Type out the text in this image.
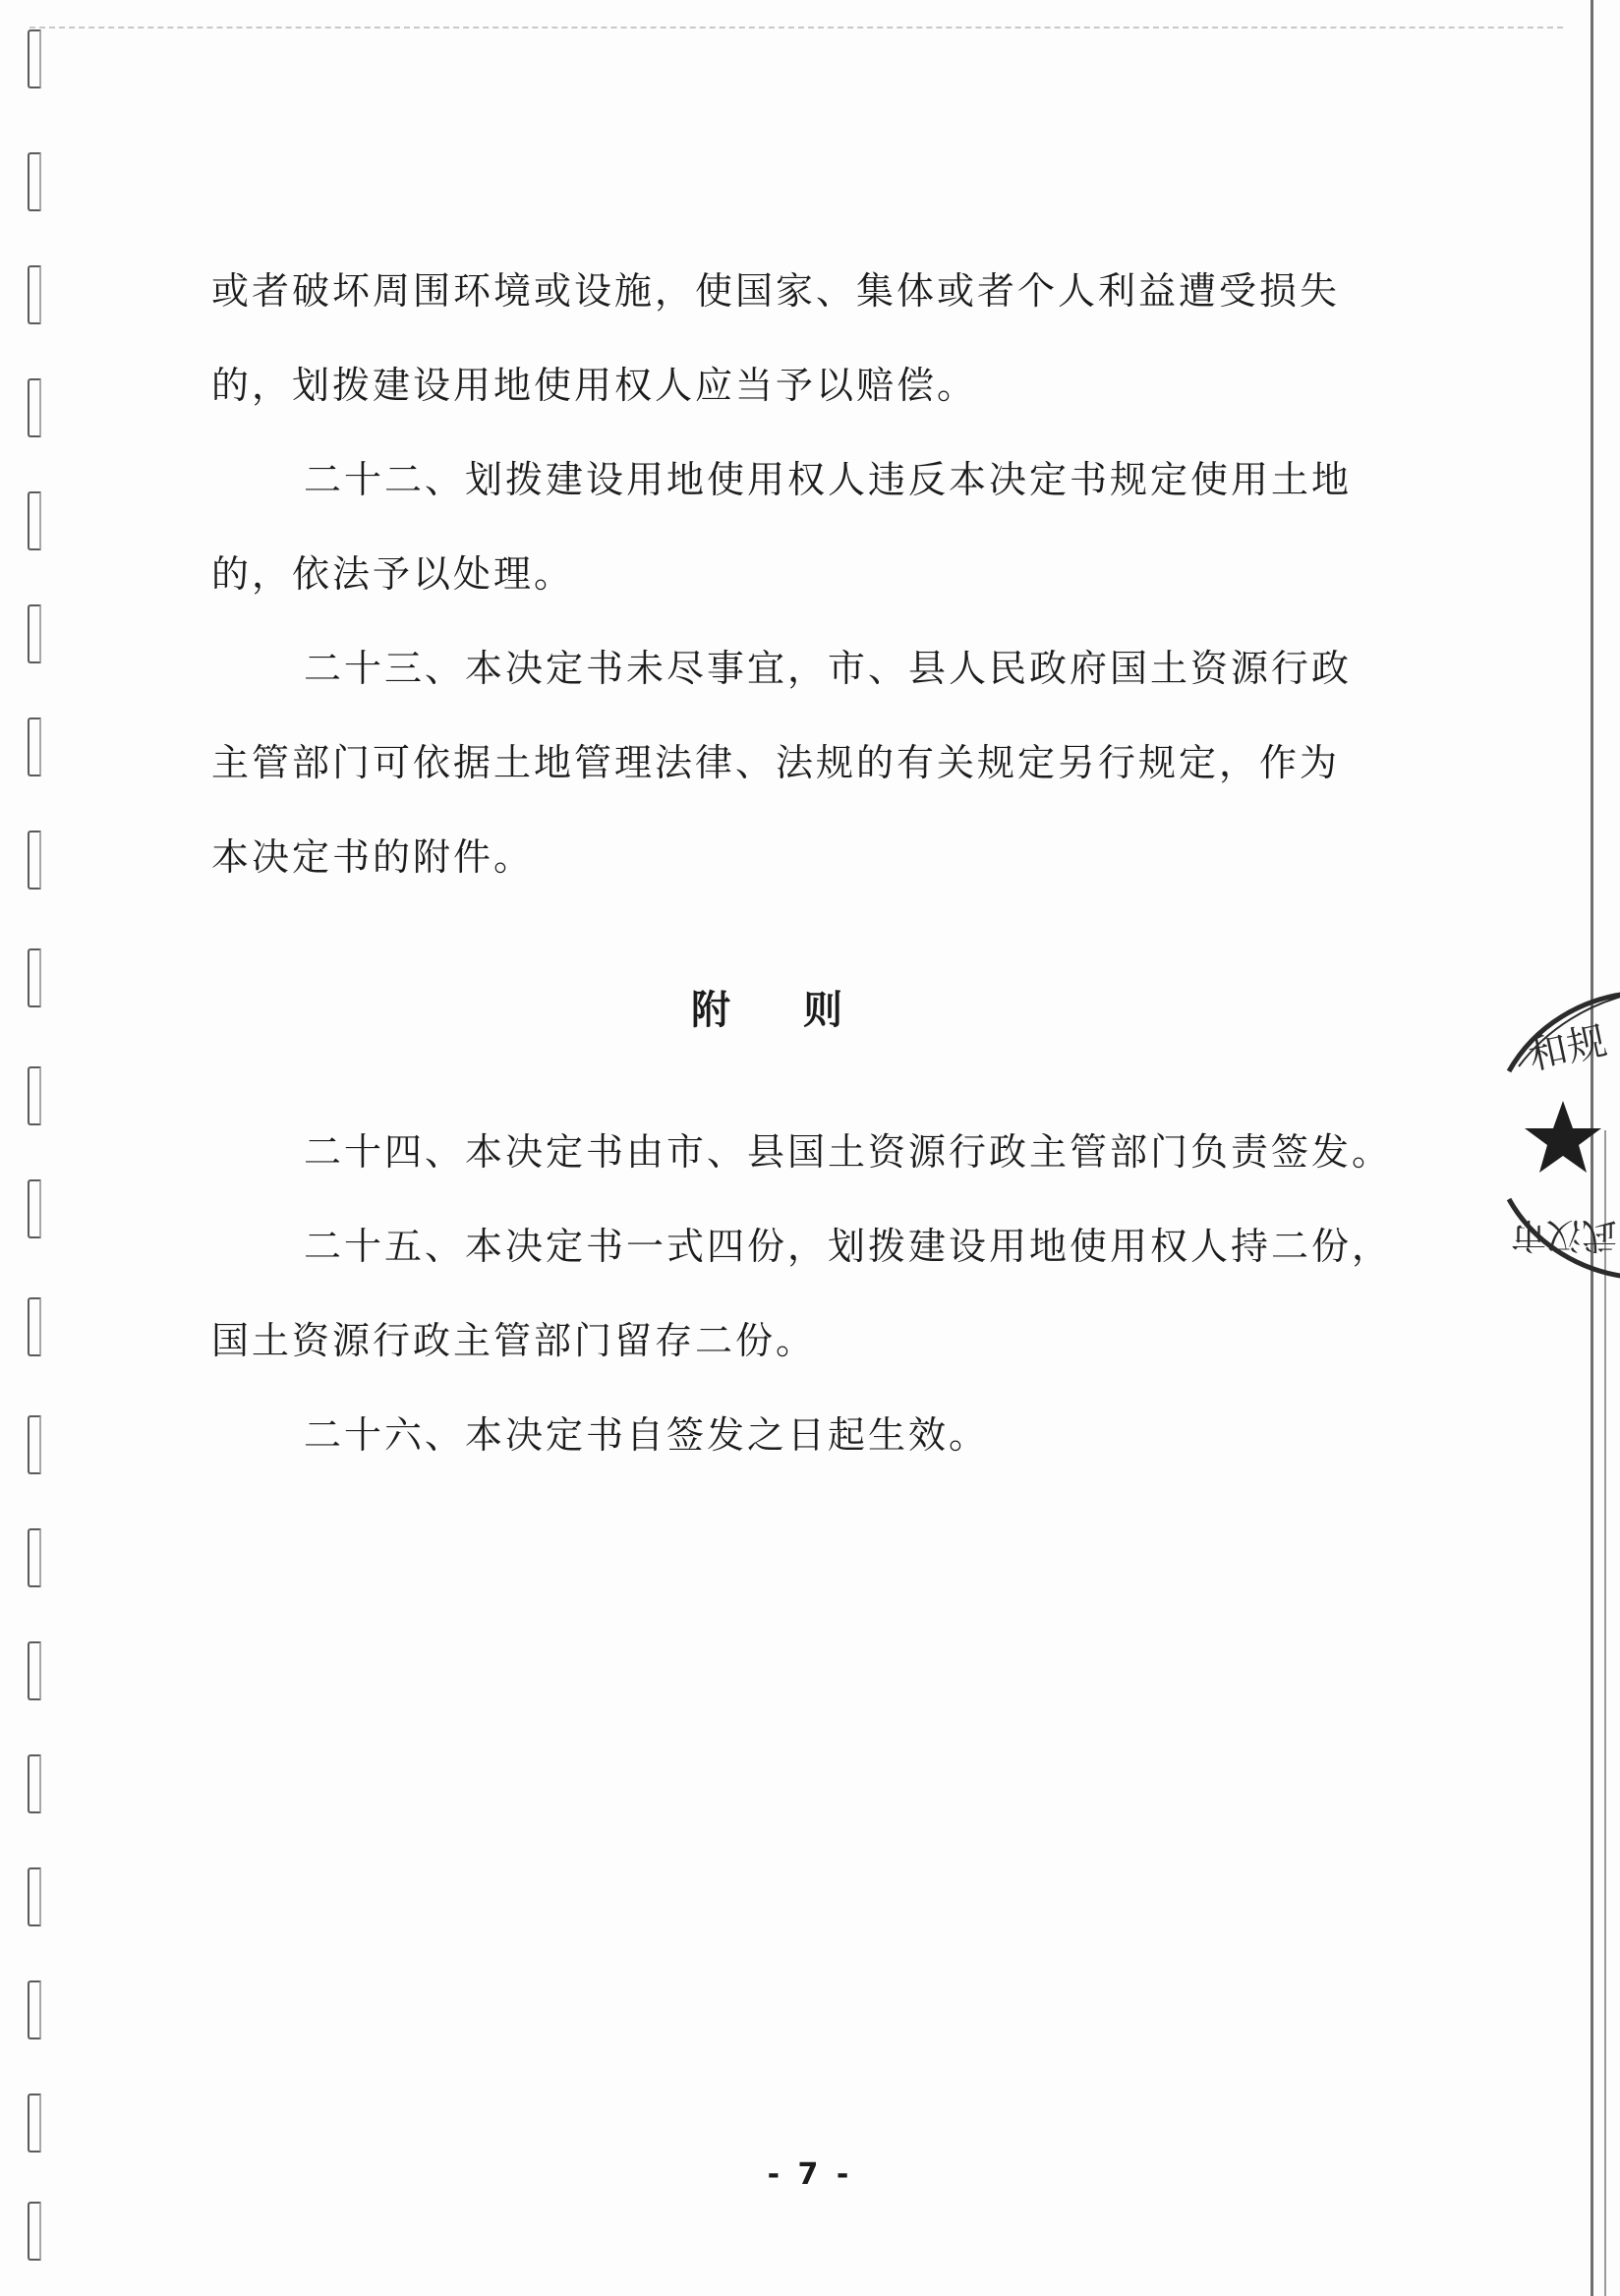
或者破坏周围环境或设施，使国家、集体或者个人利益遭受损失
的，划拨建设用地使用权人应当予以赔偿。
二十二、划拨建设用地使用权人违反本决定书规定使用土地
的，依法予以处理。
二十三、本决定书未尽事宜，市、县人民政府国土资源行政
主管部门可依据土地管理法律、法规的有关规定另行规定，作为
本决定书的附件。
附 则
二十四、本决定书由市、县国土资源行政主管部门负责签发。
二十五、本决定书一式四份，划拨建设用地使用权人持二份，
国土资源行政主管部门留存二份。
二十六、本决定书自签发之日起生效。
和规
武汉市
- 7 -
